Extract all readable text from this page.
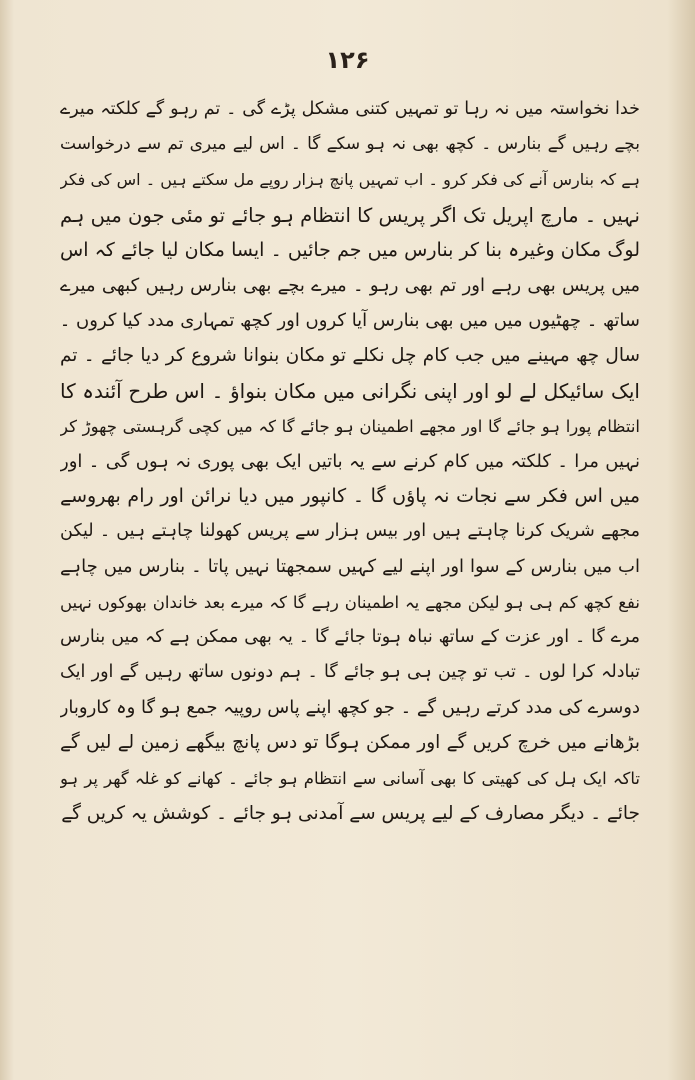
۱۲۶
خدا نخواستہ میں نہ رہا تو تمہیں کتنی مشکل پڑے گی ۔ تم رہو گے کلکتہ میرے
بچے رہیں گے بنارس ۔ کچھ بھی نہ ہو سکے گا ۔ اس لیے میری تم سے درخواست
ہے کہ بنارس آنے کی فکر کرو ۔ اب تمہیں پانچ ہزار روپے مل سکتے ہیں ۔ اس کی فکر
نہیں ۔ مارچ اپریل تک اگر پریس کا انتظام ہو جائے تو مئی جون میں ہم
لوگ مکان وغیرہ بنا کر بنارس میں جم جائیں ۔ ایسا مکان لیا جائے کہ اس
میں پریس بھی رہے اور تم بھی رہو ۔ میرے بچے بھی بنارس رہیں کبھی میرے
ساتھ ۔ چھٹیوں میں میں بھی بنارس آیا کروں اور کچھ تمہاری مدد کیا کروں ۔
سال چھ مہینے میں جب کام چل نکلے تو مکان بنوانا شروع کر دیا جائے ۔ تم
ایک سائیکل لے لو اور اپنی نگرانی میں مکان بنواؤ ۔ اس طرح آئندہ کا
انتظام پورا ہو جائے گا اور مجھے اطمینان ہو جائے گا کہ میں کچی گرہستی چھوڑ کر
نہیں مرا ۔ کلکتہ میں کام کرنے سے یہ باتیں ایک بھی پوری نہ ہوں گی ۔ اور
میں اس فکر سے نجات نہ پاؤں گا ۔ کانپور میں دیا نرائن اور رام بھروسے
مجھے شریک کرنا چاہتے ہیں اور بیس ہزار سے پریس کھولنا چاہتے ہیں ۔ لیکن
اب میں بنارس کے سوا اور اپنے لیے کہیں سمجھتا نہیں پاتا ۔ بنارس میں چاہے
نفع کچھ کم ہی ہو لیکن مجھے یہ اطمینان رہے گا کہ میرے بعد خاندان بھوکوں نہیں
مرے گا ۔ اور عزت کے ساتھ نباہ ہوتا جائے گا ۔ یہ بھی ممکن ہے کہ میں بنارس
تبادلہ کرا لوں ۔ تب تو چین ہی ہو جائے گا ۔ ہم دونوں ساتھ رہیں گے اور ایک
دوسرے کی مدد کرتے رہیں گے ۔ جو کچھ اپنے پاس روپیہ جمع ہو گا وہ کاروبار
بڑھانے میں خرچ کریں گے اور ممکن ہوگا تو دس پانچ بیگھے زمین لے لیں گے
تاکہ ایک ہل کی کھیتی کا بھی آسانی سے انتظام ہو جائے ۔ کھانے کو غلہ گھر پر ہو
جائے ۔ دیگر مصارف کے لیے پریس سے آمدنی ہو جائے ۔ کوشش یہ کریں گے
